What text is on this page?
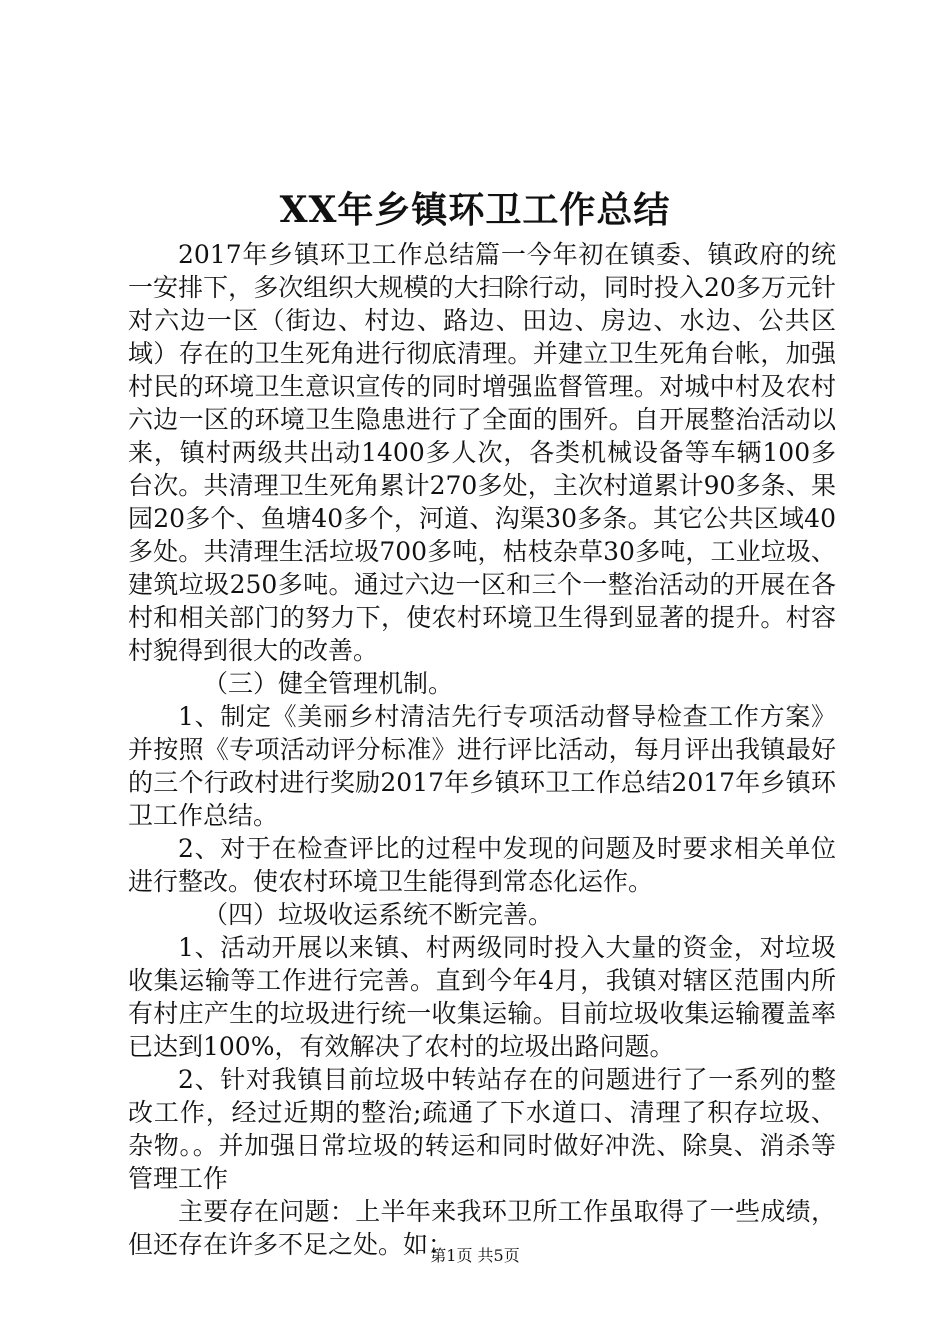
XX年乡镇环卫工作总结

2017年乡镇环卫工作总结篇一今年初在镇委、镇政府的统一安排下，多次组织大规模的大扫除行动，同时投入20多万元针对六边一区（街边、村边、路边、田边、房边、水边、公共区域）存在的卫生死角进行彻底清理。并建立卫生死角台帐，加强村民的环境卫生意识宣传的同时增强监督管理。对城中村及农村六边一区的环境卫生隐患进行了全面的围歼。自开展整治活动以来，镇村两级共出动1400多人次，各类机械设备等车辆100多台次。共清理卫生死角累计270多处，主次村道累计90多条、果园20多个、鱼塘40多个，河道、沟渠30多条。其它公共区域40多处。共清理生活垃圾700多吨，枯枝杂草30多吨，工业垃圾、建筑垃圾250多吨。通过六边一区和三个一整治活动的开展在各村和相关部门的努力下，使农村环境卫生得到显著的提升。村容村貌得到很大的改善。

（三）健全管理机制。

1、制定《美丽乡村清洁先行专项活动督导检查工作方案》并按照《专项活动评分标准》进行评比活动，每月评出我镇最好的三个行政村进行奖励2017年乡镇环卫工作总结2017年乡镇环卫工作总结。

2、对于在检查评比的过程中发现的问题及时要求相关单位进行整改。使农村环境卫生能得到常态化运作。

（四）垃圾收运系统不断完善。

1、活动开展以来镇、村两级同时投入大量的资金，对垃圾收集运输等工作进行完善。直到今年4月，我镇对辖区范围内所有村庄产生的垃圾进行统一收集运输。目前垃圾收集运输覆盖率已达到100%，有效解决了农村的垃圾出路问题。

2、针对我镇目前垃圾中转站存在的问题进行了一系列的整改工作，经过近期的整治;疏通了下水道口、清理了积存垃圾、杂物。。并加强日常垃圾的转运和同时做好冲洗、除臭、消杀等管理工作

主要存在问题：上半年来我环卫所工作虽取得了一些成绩，但还存在许多不足之处。如：

第1页 共5页
